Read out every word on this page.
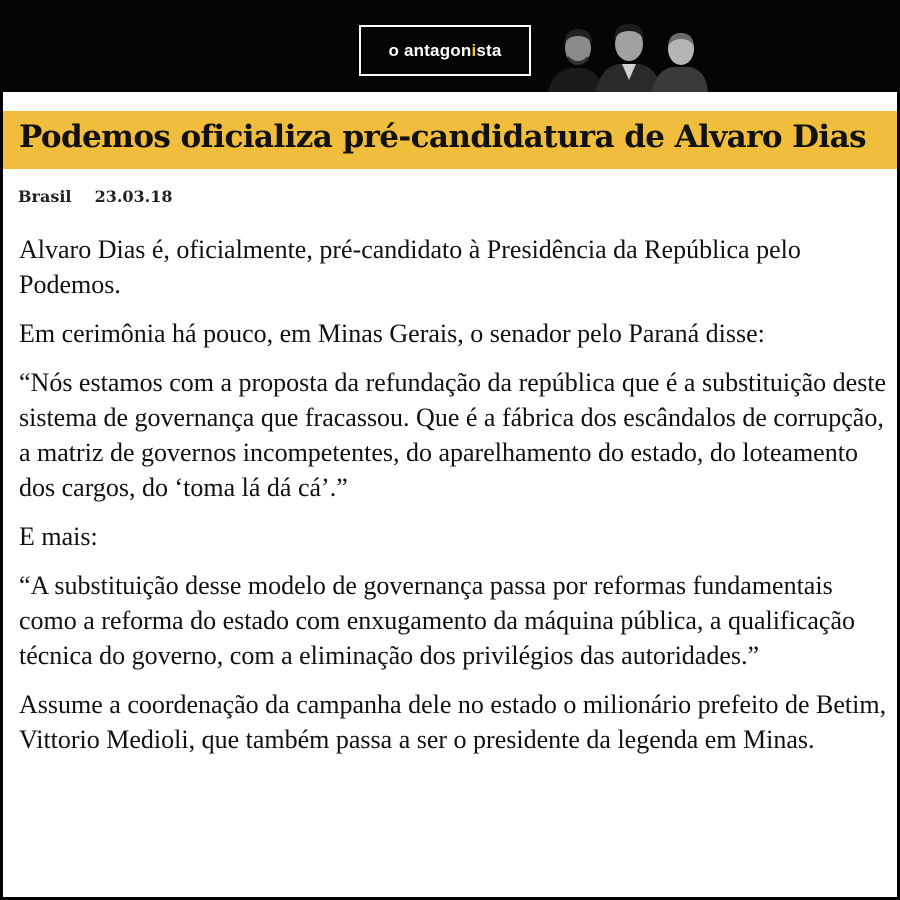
o antagon i sta
Podemos oficializa pré-candidatura de Alvaro Dias
Brasil 23.03.18

Alvaro Dias é, oficialmente, pré-candidato à Presidência da República pelo Podemos.

Em cerimônia há pouco, em Minas Gerais, o senador pelo Paraná disse:

“Nós estamos com a proposta da refundação da república que é a substituição deste sistema de governança que fracassou. Que é a fábrica dos escândalos de corrupção, a matriz de governos incompetentes, do aparelhamento do estado, do loteamento dos cargos, do ‘toma lá dá cá’.”

E mais:

“A substituição desse modelo de governança passa por reformas fundamentais como a reforma do estado com enxugamento da máquina pública, a qualificação técnica do governo, com a eliminação dos privilégios das autoridades.”

Assume a coordenação da campanha dele no estado o milionário prefeito de Betim, Vittorio Medioli, que também passa a ser o presidente da legenda em Minas.
